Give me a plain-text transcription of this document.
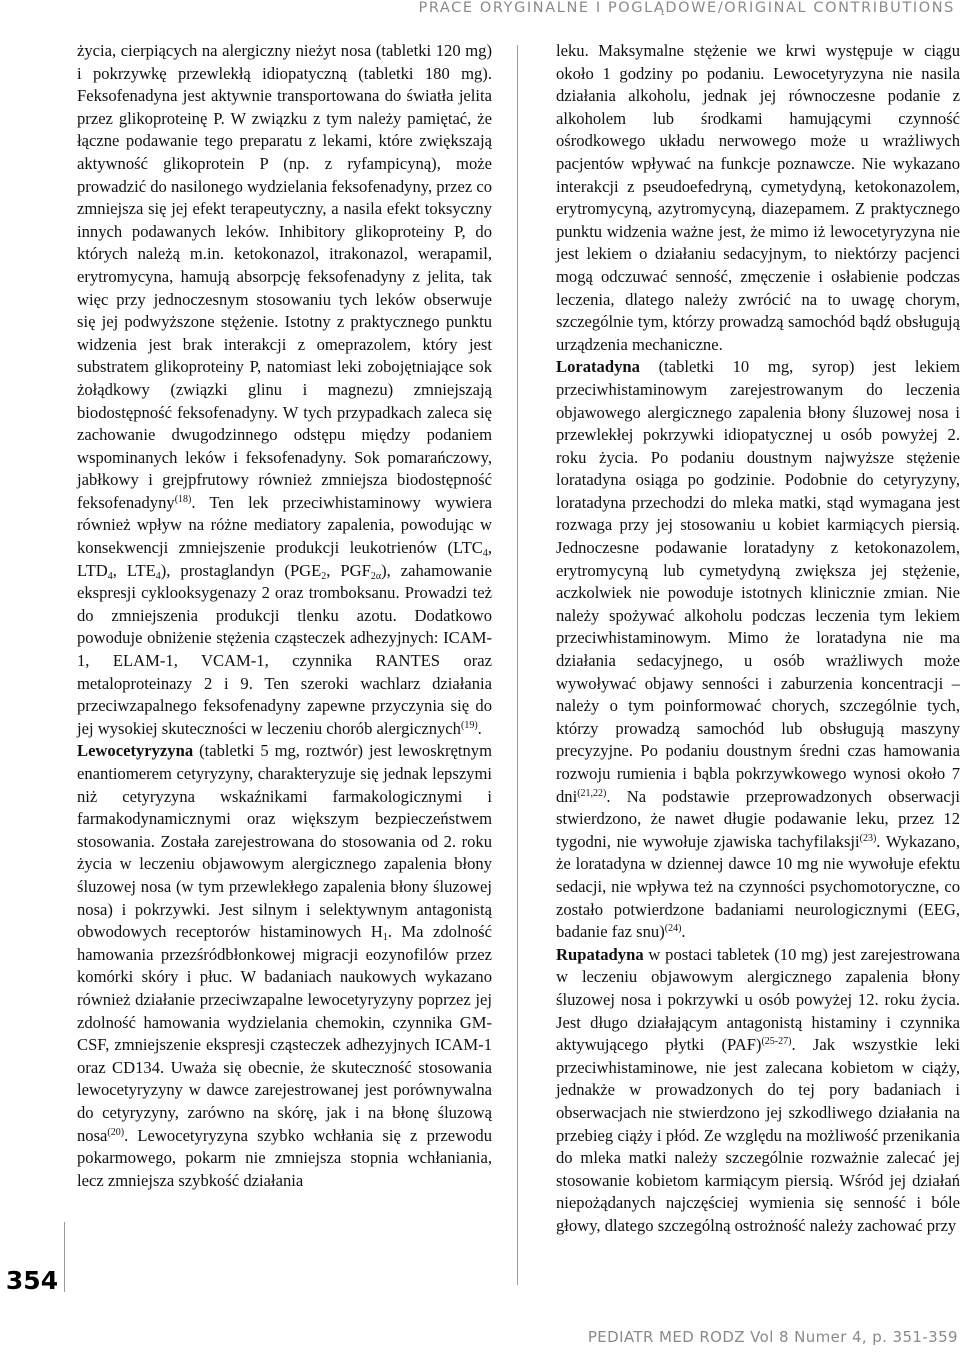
PRACE ORYGINALNE I POGLĄDOWE/ORIGINAL CONTRIBUTIONS

życia, cierpiących na alergiczny nieżyt nosa (tabletki 120 mg) i pokrzywkę przewlekłą idiopatyczną (tabletki 180 mg). Feksofenadyna jest aktywnie transportowana do światła jelita przez glikoproteinę P. W związku z tym należy pamiętać, że łączne podawanie tego preparatu z lekami, które zwiększają aktywność glikoprotein P (np. z ryfampicyną), może prowadzić do nasilonego wydzielania feksofenadyny, przez co zmniejsza się jej efekt terapeutyczny, a nasila efekt toksyczny innych podawanych leków. Inhibitory glikoproteiny P, do których należą m.in. ketokonazol, itrakonazol, werapamil, erytromycyna, hamują absorpcję feksofenadyny z jelita, tak więc przy jednoczesnym stosowaniu tych leków obserwuje się jej podwyższone stężenie. Istotny z praktycznego punktu widzenia jest brak interakcji z omeprazolem, który jest substratem glikoproteiny P, natomiast leki zobojętniające sok żołądkowy (związki glinu i magnezu) zmniejszają biodostępność feksofenadyny. W tych przypadkach zaleca się zachowanie dwugodzinnego odstępu między podaniem wspominanych leków i feksofenadyny. Sok pomarańczowy, jabłkowy i grejpfrutowy również zmniejsza biodostępność feksofenadyny$^{(18)}$. Ten lek przeciwhistaminowy wywiera również wpływ na różne mediatory zapalenia, powodując w konsekwencji zmniejszenie produkcji leukotrienów ($LTC_4$, $LTD_4$, $LTE_4$), prostaglandyn ($PGE_2$, $PGF_{2\alpha}$), zahamowanie ekspresji cyklooksygenazy 2 oraz tromboksanu. Prowadzi też do zmniejszenia produkcji tlenku azotu. Dodatkowo powoduje obniżenie stężenia cząsteczek adhezyjnych: ICAM-1, ELAM-1, VCAM-1, czynnika RANTES oraz metaloproteinazy 2 i 9. Ten szeroki wachlarz działania przeciwzapalnego feksofenadyny zapewne przyczynia się do jej wysokiej skuteczności w leczeniu chorób alergicznych$^{(19)}$.

Lewocetyryzyna (tabletki 5 mg, roztwór) jest lewoskrętnym enantiomerem cetyryzyny, charakteryzuje się jednak lepszymi niż cetyryzyna wskaźnikami farmakologicznymi i farmakodynamicznymi oraz większym bezpieczeństwem stosowania. Została zarejestrowana do stosowania od 2. roku życia w leczeniu objawowym alergicznego zapalenia błony śluzowej nosa (w tym przewlekłego zapalenia błony śluzowej nosa) i pokrzywki. Jest silnym i selektywnym antagonistą obwodowych receptorów histaminowych $H_1$. Ma zdolność hamowania przezśródbłonkowej migracji eozynofilów przez komórki skóry i płuc. W badaniach naukowych wykazano również działanie przeciwzapalne lewocetyryzyny poprzez jej zdolność hamowania wydzielania chemokin, czynnika GM-CSF, zmniejszenie ekspresji cząsteczek adhezyjnych ICAM-1 oraz CD134. Uważa się obecnie, że skuteczność stosowania lewocetyryzyny w dawce zarejestrowanej jest porównywalna do cetyryzyny, zarówno na skórę, jak i na błonę śluzową nosa$^{(20)}$. Lewocetyryzyna szybko wchłania się z przewodu pokarmowego, pokarm nie zmniejsza stopnia wchłaniania, lecz zmniejsza szybkość działania

leku. Maksymalne stężenie we krwi występuje w ciągu około 1 godziny po podaniu. Lewocetyryzyna nie nasila działania alkoholu, jednak jej równoczesne podanie z alkoholem lub środkami hamującymi czynność ośrodkowego układu nerwowego może u wrażliwych pacjentów wpływać na funkcje poznawcze. Nie wykazano interakcji z pseudoefedryną, cymetydyną, ketokonazolem, erytromycyną, azytromycyną, diazepamem. Z praktycznego punktu widzenia ważne jest, że mimo iż lewocetyryzyna nie jest lekiem o działaniu sedacyjnym, to niektórzy pacjenci mogą odczuwać senność, zmęczenie i osłabienie podczas leczenia, dlatego należy zwrócić na to uwagę chorym, szczególnie tym, którzy prowadzą samochód bądź obsługują urządzenia mechaniczne.

Loratadyna (tabletki 10 mg, syrop) jest lekiem przeciwhistaminowym zarejestrowanym do leczenia objawowego alergicznego zapalenia błony śluzowej nosa i przewlekłej pokrzywki idiopatycznej u osób powyżej 2. roku życia. Po podaniu doustnym najwyższe stężenie loratadyna osiąga po godzinie. Podobnie do cetyryzyny, loratadyna przechodzi do mleka matki, stąd wymagana jest rozwaga przy jej stosowaniu u kobiet karmiących piersią. Jednoczesne podawanie loratadyny z ketokonazolem, erytromycyną lub cymetydyną zwiększa jej stężenie, aczkolwiek nie powoduje istotnych klinicznie zmian. Nie należy spożywać alkoholu podczas leczenia tym lekiem przeciwhistaminowym. Mimo że loratadyna nie ma działania sedacyjnego, u osób wrażliwych może wywoływać objawy senności i zaburzenia koncentracji – należy o tym poinformować chorych, szczególnie tych, którzy prowadzą samochód lub obsługują maszyny precyzyjne. Po podaniu doustnym średni czas hamowania rozwoju rumienia i bąbla pokrzywkowego wynosi około 7 dni$^{(21,22)}$. Na podstawie przeprowadzonych obserwacji stwierdzono, że nawet długie podawanie leku, przez 12 tygodni, nie wywołuje zjawiska tachyfilaksji$^{(23)}$. Wykazano, że loratadyna w dziennej dawce 10 mg nie wywołuje efektu sedacji, nie wpływa też na czynności psychomotoryczne, co zostało potwierdzone badaniami neurologicznymi (EEG, badanie faz snu)$^{(24)}$.

Rupatadyna w postaci tabletek (10 mg) jest zarejestrowana w leczeniu objawowym alergicznego zapalenia błony śluzowej nosa i pokrzywki u osób powyżej 12. roku życia. Jest długo działającym antagonistą histaminy i czynnika aktywującego płytki (PAF)$^{(25-27)}$. Jak wszystkie leki przeciwhistaminowe, nie jest zalecana kobietom w ciąży, jednakże w prowadzonych do tej pory badaniach i obserwacjach nie stwierdzono jej szkodliwego działania na przebieg ciąży i płód. Ze względu na możliwość przenikania do mleka matki należy szczególnie rozważnie zalecać jej stosowanie kobietom karmiącym piersią. Wśród jej działań niepożądanych najczęściej wymienia się senność i bóle głowy, dlatego szczególną ostrożność należy zachować przy

354
PEDIATR MED RODZ Vol 8 Numer 4, p. 351-359
